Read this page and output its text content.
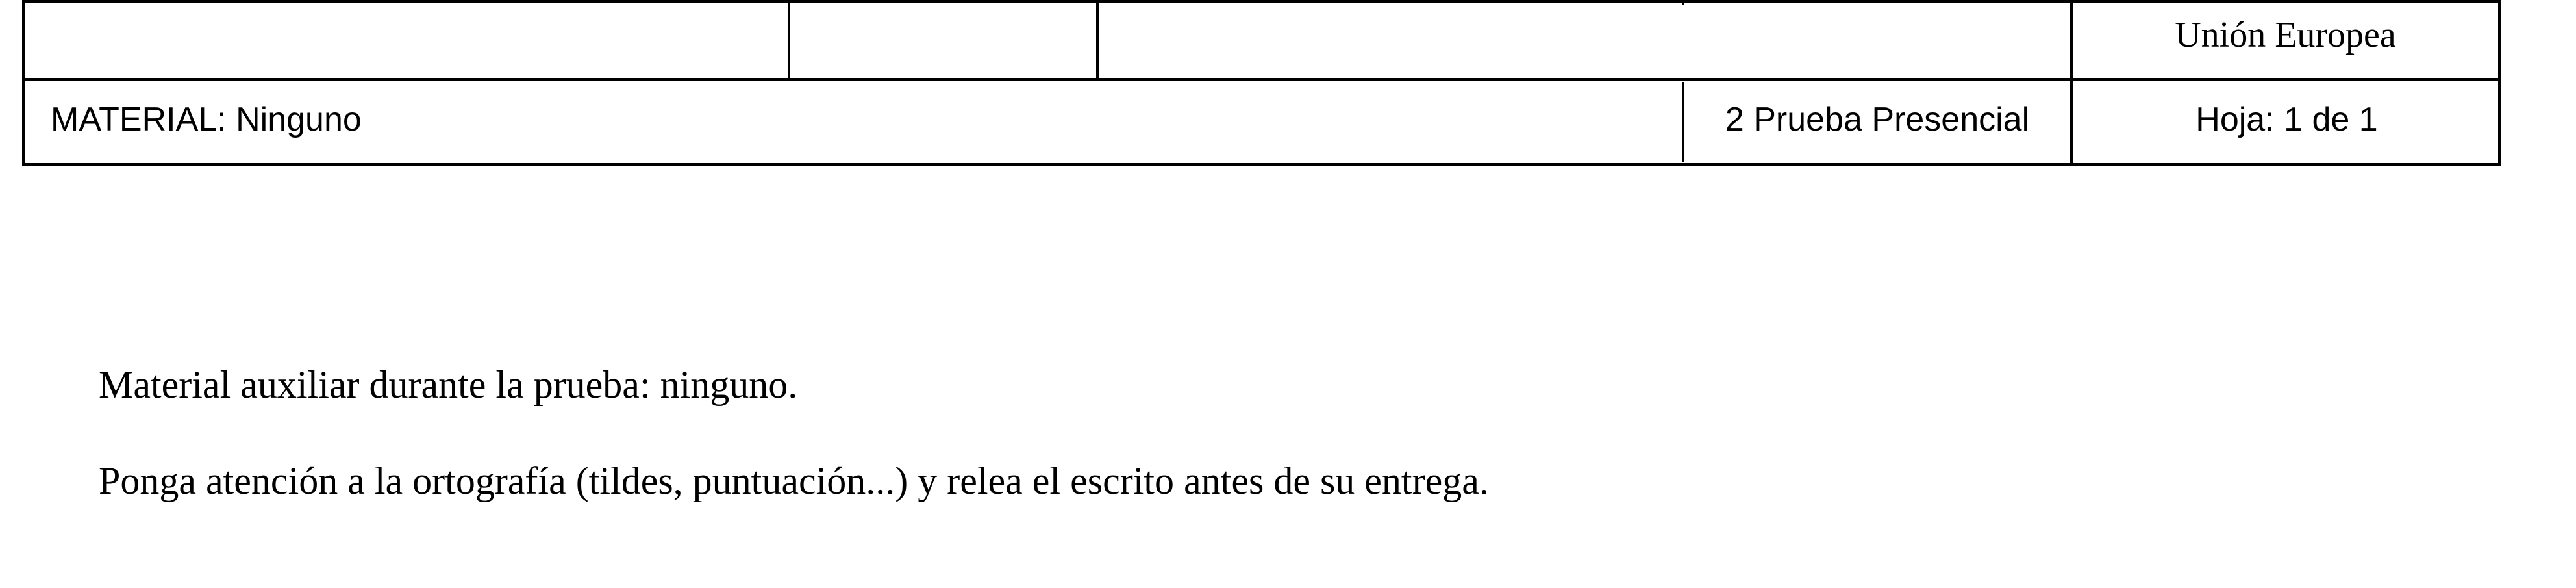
Unión Europea
MATERIAL: Ninguno	2 Prueba Presencial	Hoja: 1 de 1
Material auxiliar durante la prueba: ninguno.
Ponga atención a la ortografía (tildes, puntuación...) y relea el escrito antes de su entrega.
